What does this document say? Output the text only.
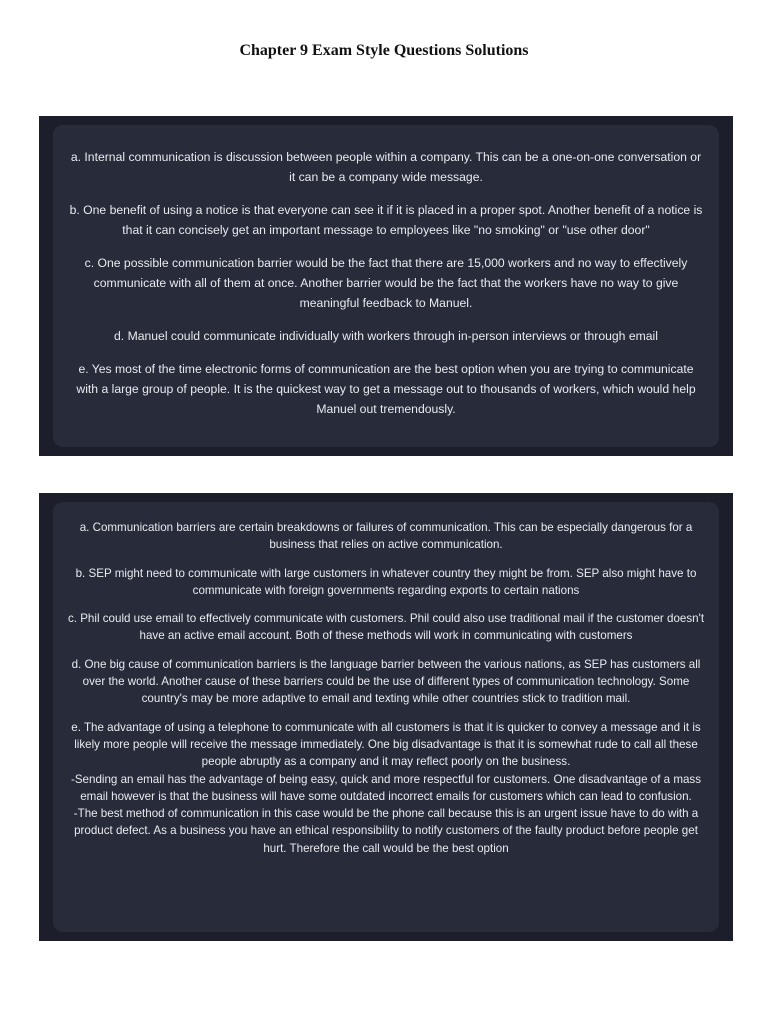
Chapter 9 Exam Style Questions Solutions

a. Internal communication is discussion between people within a company. This can be a one-on-one conversation or it can be a company wide message.

b. One benefit of using a notice is that everyone can see it if it is placed in a proper spot. Another benefit of a notice is that it can concisely get an important message to employees like "no smoking" or "use other door"

c. One possible communication barrier would be the fact that there are 15,000 workers and no way to effectively communicate with all of them at once. Another barrier would be the fact that the workers have no way to give meaningful feedback to Manuel.

d. Manuel could communicate individually with workers through in-person interviews or through email

e. Yes most of the time electronic forms of communication are the best option when you are trying to communicate with a large group of people. It is the quickest way to get a message out to thousands of workers, which would help Manuel out tremendously.

a. Communication barriers are certain breakdowns or failures of communication. This can be especially dangerous for a business that relies on active communication.

b. SEP might need to communicate with large customers in whatever country they might be from. SEP also might have to communicate with foreign governments regarding exports to certain nations

c. Phil could use email to effectively communicate with customers. Phil could also use traditional mail if the customer doesn't have an active email account. Both of these methods will work in communicating with customers

d. One big cause of communication barriers is the language barrier between the various nations, as SEP has customers all over the world. Another cause of these barriers could be the use of different types of communication technology. Some country's may be more adaptive to email and texting while other countries stick to tradition mail.

e. The advantage of using a telephone to communicate with all customers is that it is quicker to convey a message and it is likely more people will receive the message immediately. One big disadvantage is that it is somewhat rude to call all these people abruptly as a company and it may reflect poorly on the business.

-Sending an email has the advantage of being easy, quick and more respectful for customers. One disadvantage of a mass email however is that the business will have some outdated incorrect emails for customers which can lead to confusion.

-The best method of communication in this case would be the phone call because this is an urgent issue have to do with a product defect. As a business you have an ethical responsibility to notify customers of the faulty product before people get hurt. Therefore the call would be the best option
